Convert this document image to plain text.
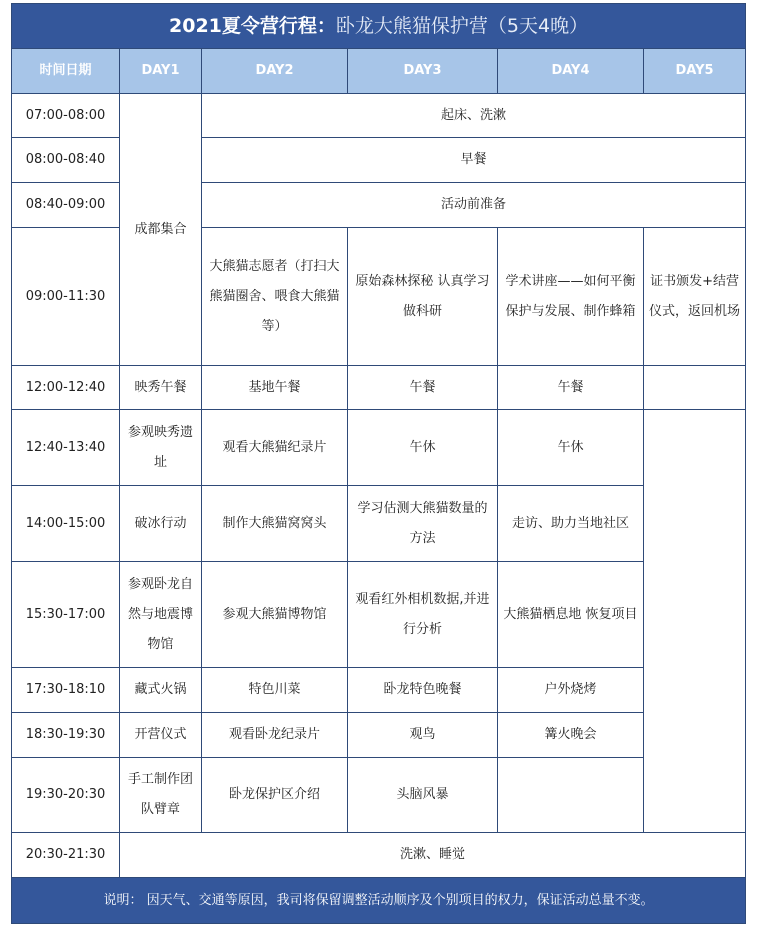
2021夏令营行程：卧龙大熊猫保护营（5天4晚）					
时间日期	DAY1	DAY2	DAY3	DAY4	DAY5
07:00-08:00	成都集合	起床、洗漱			
08:00-08:40		早餐			
08:40-09:00		活动前准备			
09:00-11:30		大熊猫志愿者（打扫大熊猫圈舍、喂食大熊猫等）	原始森林探秘 认真学习做科研	学术讲座——如何平衡保护与发展、制作蜂箱	证书颁发+结营仪式，返回机场
12:00-12:40	映秀午餐	基地午餐	午餐	午餐	
12:40-13:40	参观映秀遗址	观看大熊猫纪录片	午休	午休	
14:00-15:00	破冰行动	制作大熊猫窝窝头	学习估测大熊猫数量的方法	走访、助力当地社区	
15:30-17:00	参观卧龙自然与地震博物馆	参观大熊猫博物馆	观看红外相机数据,并进行分析	大熊猫栖息地 恢复项目	
17:30-18:10	藏式火锅	特色川菜	卧龙特色晚餐	户外烧烤	
18:30-19:30	开营仪式	观看卧龙纪录片	观鸟	篝火晚会	
19:30-20:30	手工制作团队臂章	卧龙保护区介绍	头脑风暴		
20:30-21:30	洗漱、睡觉				
说明： 因天气、交通等原因，我司将保留调整活动顺序及个别项目的权力，保证活动总量不变。					
